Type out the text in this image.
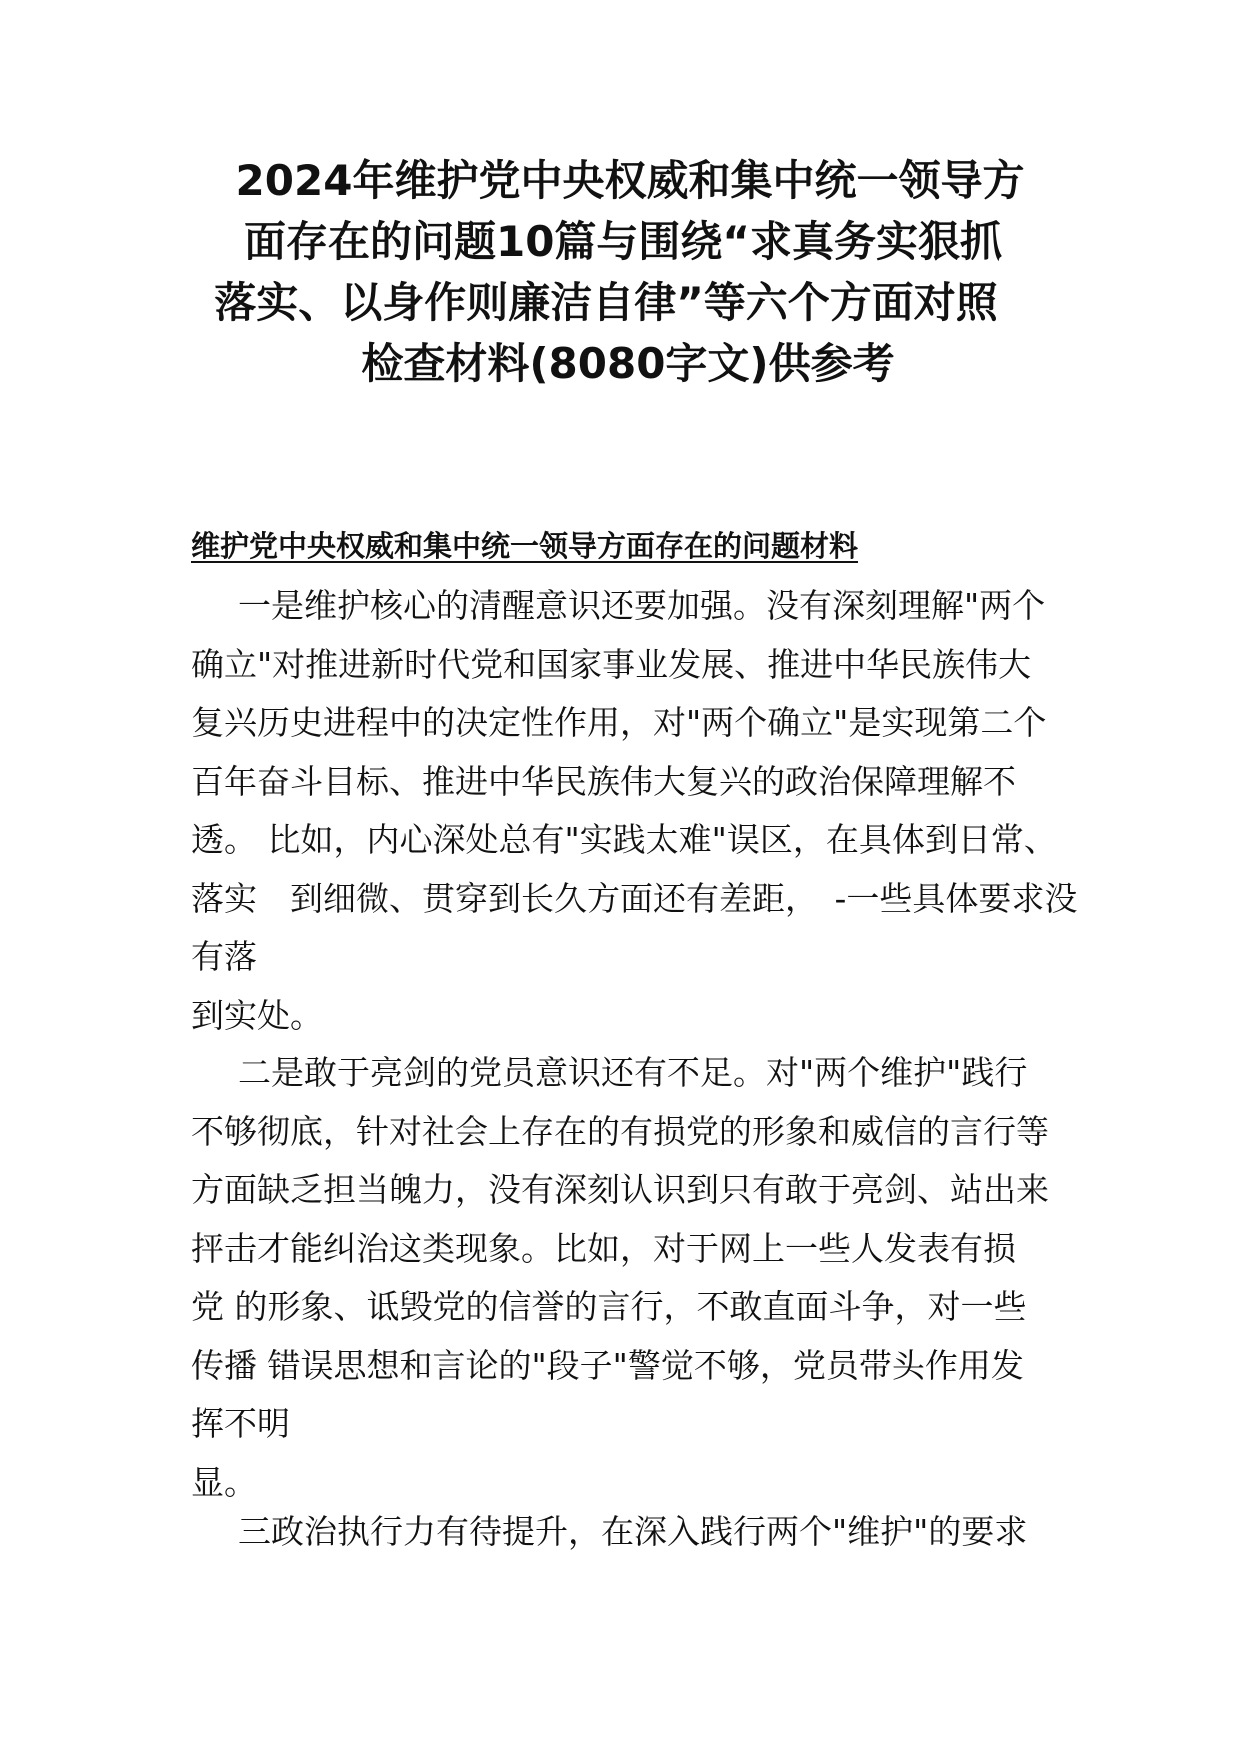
2024年维护党中央权威和集中统一领导方
面存在的问题10篇与围绕“求真务实狠抓
落实、以身作则廉洁自律”等六个方面对照
检查材料(8080字文)供参考
维护党中央权威和集中统一领导方面存在的问题材料
一是维护核心的清醒意识还要加强。没有深刻理解"两个
确立"对推进新时代党和国家事业发展、推进中华民族伟大
复兴历史进程中的决定性作用，对"两个确立"是实现第二个
百年奋斗目标、推进中华民族伟大复兴的政治保障理解不
透。 比如，内心深处总有"实践太难"误区，在具体到日常、
落实　到细微、贯穿到长久方面还有差距，　-一些具体要求没
有落
到实处。
二是敢于亮剑的党员意识还有不足。对"两个维护"践行
不够彻底，针对社会上存在的有损党的形象和威信的言行等
方面缺乏担当魄力，没有深刻认识到只有敢于亮剑、站出来
抨击才能纠治这类现象。比如，对于网上一些人发表有损
党 的形象、诋毁党的信誉的言行，不敢直面斗争，对一些
传播 错误思想和言论的"段子"警觉不够，党员带头作用发
挥不明
显。
三政治执行力有待提升，在深入践行两个"维护"的要求
